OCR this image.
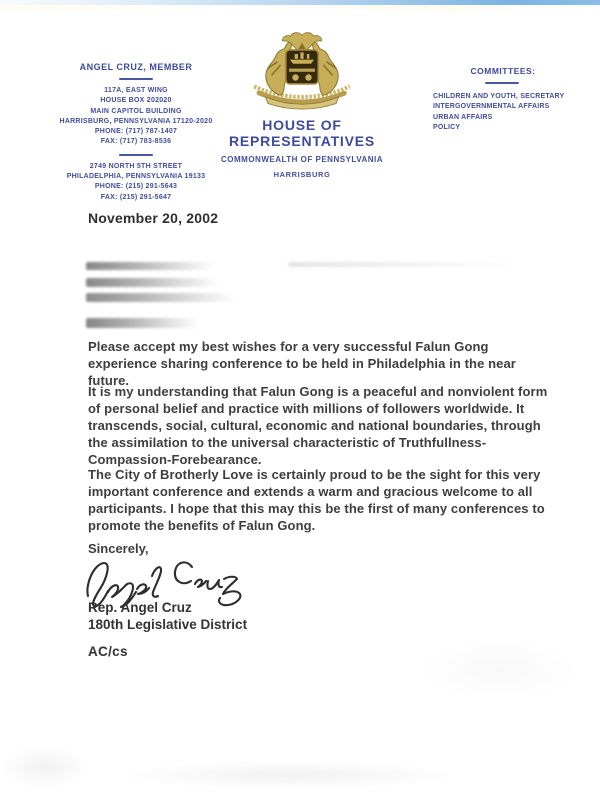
ANGEL CRUZ, MEMBER
117A, EAST WING
HOUSE BOX 202020
MAIN CAPITOL BUILDING
HARRISBURG, PENNSYLVANIA 17120-2020
PHONE: (717) 787-1407
FAX: (717) 783-8536
2749 NORTH 5TH STREET
PHILADELPHIA, PENNSYLVANIA 19133
PHONE: (215) 291-5643
FAX: (215) 291-5647
HOUSE OF REPRESENTATIVES
COMMONWEALTH OF PENNSYLVANIA
HARRISBURG
COMMITTEES:
CHILDREN AND YOUTH, SECRETARY
INTERGOVERNMENTAL AFFAIRS
URBAN AFFAIRS
POLICY
November 20, 2002
Please accept my best wishes for a very successful Falun Gong experience sharing conference to be held in Philadelphia in the near future.
It is my understanding that Falun Gong is a peaceful and nonviolent form of personal belief and practice with millions of followers worldwide. It transcends, social, cultural, economic and national boundaries, through the assimilation to the universal characteristic of Truthfullness-Compassion-Forebearance.
The City of Brotherly Love is certainly proud to be the sight for this very important conference and extends a warm and gracious welcome to all participants. I hope that this may this be the first of many conferences to promote the benefits of Falun Gong.
Sincerely,
Rep. Angel Cruz
180th Legislative District
AC/cs
